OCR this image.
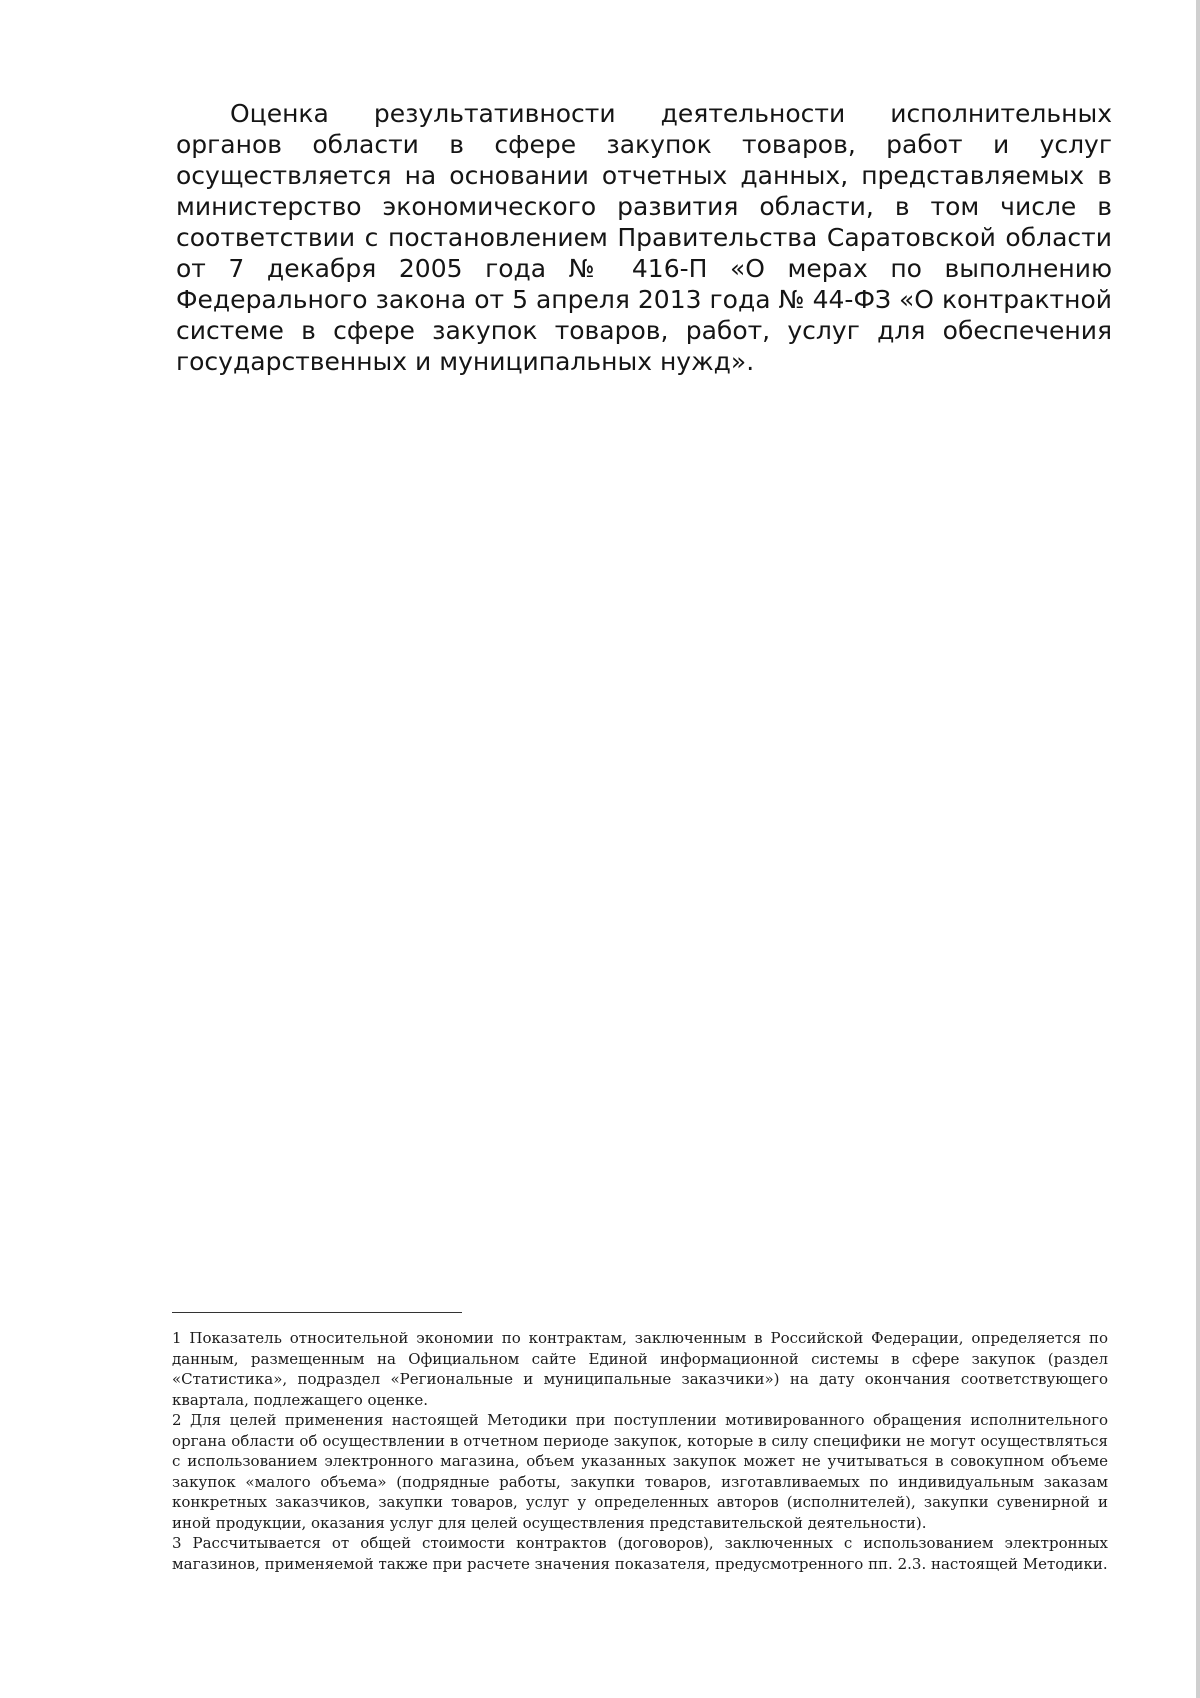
Оценка результативности деятельности исполнительных органов области в сфере закупок товаров, работ и услуг осуществляется на основании отчетных данных, представляемых в министерство экономического развития области, в том числе в соответствии с постановлением Правительства Саратовской области от 7 декабря 2005 года № 416-П «О мерах по выполнению Федерального закона от 5 апреля 2013 года № 44-ФЗ «О контрактной системе в сфере закупок товаров, работ, услуг для обеспечения государственных и муниципальных нужд».

1 Показатель относительной экономии по контрактам, заключенным в Российской Федерации, определяется по данным, размещенным на Официальном сайте Единой информационной системы в сфере закупок (раздел «Статистика», подраздел «Региональные и муниципальные заказчики») на дату окончания соответствующего квартала, подлежащего оценке.

2 Для целей применения настоящей Методики при поступлении мотивированного обращения исполнительного органа области об осуществлении в отчетном периоде закупок, которые в силу специфики не могут осуществляться с использованием электронного магазина, объем указанных закупок может не учитываться в совокупном объеме закупок «малого объема» (подрядные работы, закупки товаров, изготавливаемых по индивидуальным заказам конкретных заказчиков, закупки товаров, услуг у определенных авторов (исполнителей), закупки сувенирной и иной продукции, оказания услуг для целей осуществления представительской деятельности).

3 Рассчитывается от общей стоимости контрактов (договоров), заключенных с использованием электронных магазинов, применяемой также при расчете значения показателя, предусмотренного пп. 2.3. настоящей Методики.
